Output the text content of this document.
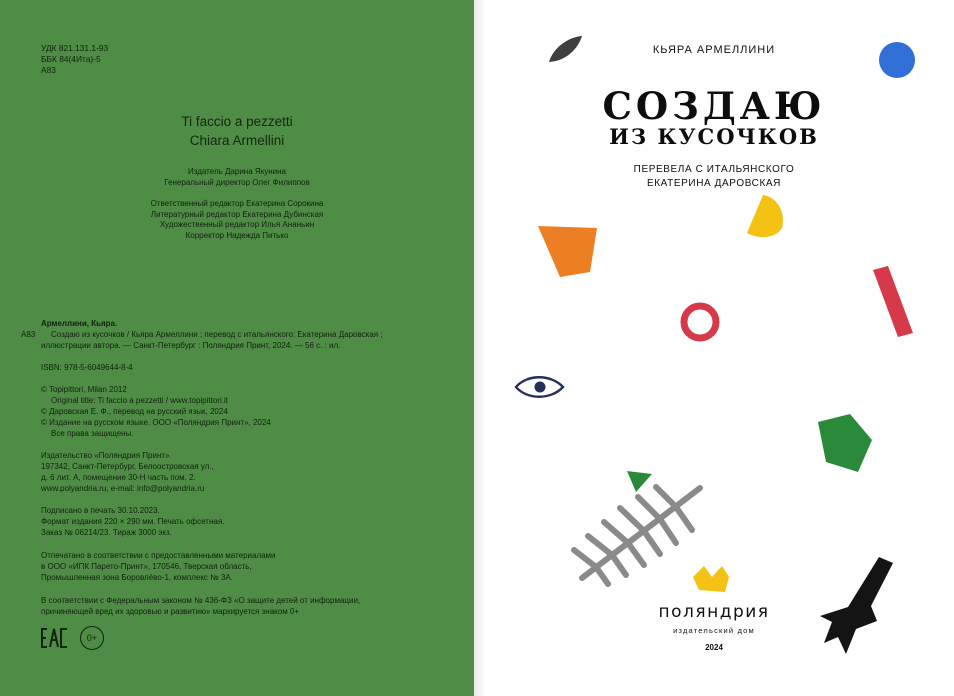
УДК 821.131.1-93
ББК 84(4Ита)-5
А83
Ti faccio a pezzetti
Chiara Armellini
Издатель Дарина Якунина
Генеральный директор Олег Филиппов
Ответственный редактор Екатерина Сорокина
Литературный редактор Екатерина Дубинская
Художественный редактор Илья Ананьин
Корректор Надежда Питько
Армеллини, Кьяра.
А83	Создаю из кусочков / Кьяра Армеллини ; перевод с итальянского: Екатерина Даровская ;
иллюстрации автора. — Санкт-Петербург : Поляндрия Принт, 2024. — 56 с. : ил.
ISBN: 978-5-6049644-8-4
© Topipittori, Milan 2012
Original title: Ti faccio a pezzetti / www.topipittori.it
© Даровская Е. Ф., перевод на русский язык, 2024
© Издание на русском языке. ООО «Поляндрия Принт», 2024
Все права защищены.
Издательство «Поляндрия Принт».
197342, Санкт-Петербург, Белоостровская ул.,
д. 6 лит. А, помещение 30-Н часть пом. 2.
www.polyandria.ru, e-mail: info@polyandria.ru
Подписано в печать 30.10.2023.
Формат издания 220 × 290 мм. Печать офсетная.
Заказ № 06214/23. Тираж 3000 экз.
Отпечатано в соответствии с предоставленными материалами
в ООО «ИПК Парето-Принт», 170546, Тверская область,
Промышленная зона Боровлёво-1, комплекс № 3А.
В соответствии с Федеральным законом № 436-ФЗ «О защите детей от информации,
причиняющей вред их здоровью и развитию» маркируется знаком 0+
0+
КЬЯРА АРМЕЛЛИНИ
СОЗДАЮ
ИЗ КУСОЧКОВ
ПЕРЕВЕЛА С ИТАЛЬЯНСКОГО
ЕКАТЕРИНА ДАРОВСКАЯ
поляндрия
издательский дом
2024
